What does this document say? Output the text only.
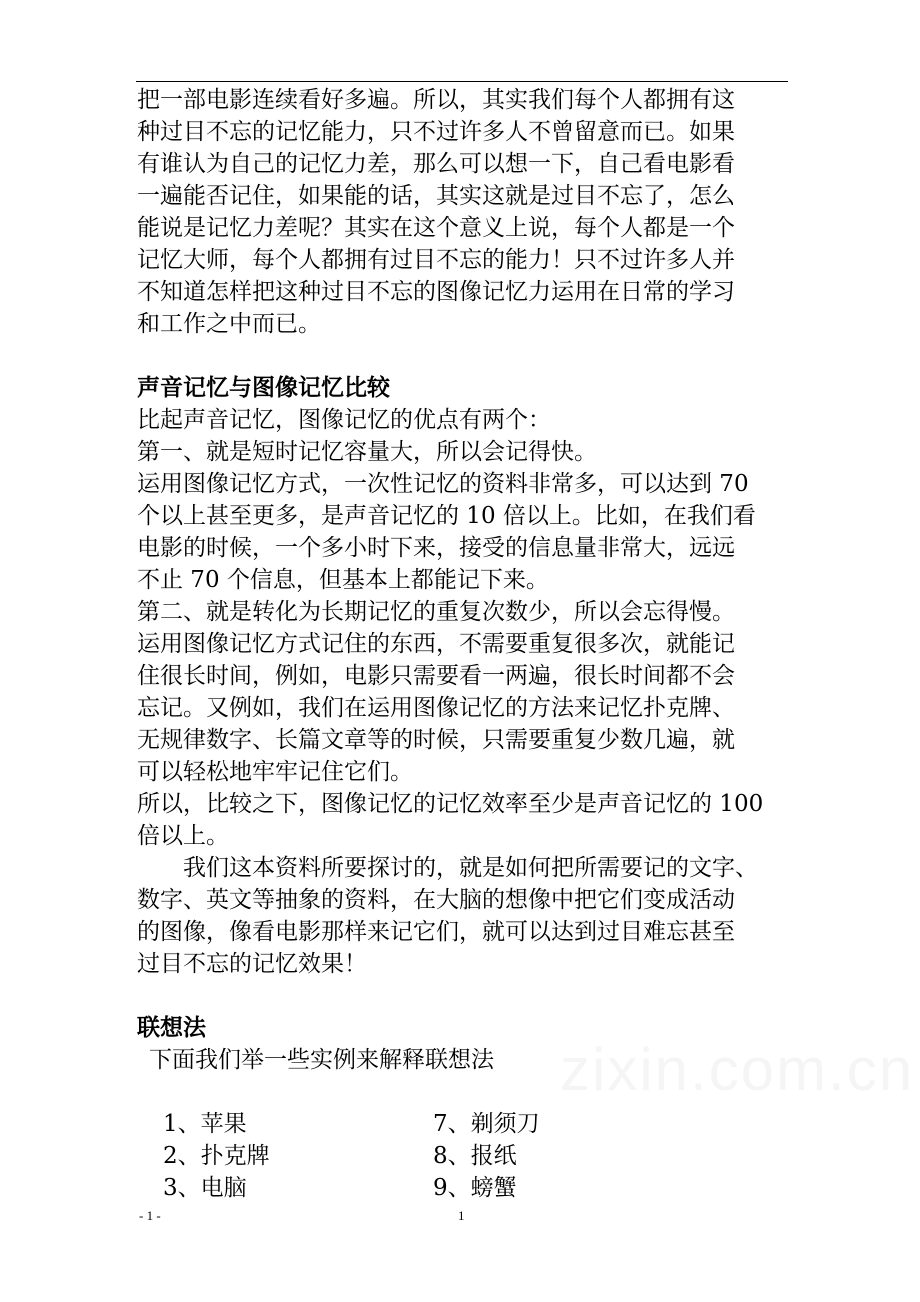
zixin.com.cn
把一部电影连续看好多遍。所以，其实我们每个人都拥有这
种过目不忘的记忆能力，只不过许多人不曾留意而已。如果
有谁认为自己的记忆力差，那么可以想一下，自己看电影看
一遍能否记住，如果能的话，其实这就是过目不忘了，怎么
能说是记忆力差呢？其实在这个意义上说，每个人都是一个
记忆大师，每个人都拥有过目不忘的能力！只不过许多人并
不知道怎样把这种过目不忘的图像记忆力运用在日常的学习
和工作之中而已。
声音记忆与图像记忆比较
比起声音记忆，图像记忆的优点有两个：
第一、就是短时记忆容量大，所以会记得快。
运用图像记忆方式，一次性记忆的资料非常多，可以达到 70
个以上甚至更多，是声音记忆的 10 倍以上。比如，在我们看
电影的时候，一个多小时下来，接受的信息量非常大，远远
不止 70 个信息，但基本上都能记下来。
第二、就是转化为长期记忆的重复次数少，所以会忘得慢。
运用图像记忆方式记住的东西，不需要重复很多次，就能记
住很长时间，例如，电影只需要看一两遍，很长时间都不会
忘记。又例如，我们在运用图像记忆的方法来记忆扑克牌、
无规律数字、长篇文章等的时候，只需要重复少数几遍，就
可以轻松地牢牢记住它们。
所以，比较之下，图像记忆的记忆效率至少是声音记忆的 100
倍以上。
我们这本资料所要探讨的，就是如何把所需要记的文字、
数字、英文等抽象的资料，在大脑的想像中把它们变成活动
的图像，像看电影那样来记它们，就可以达到过目难忘甚至
过目不忘的记忆效果！
联想法
下面我们举一些实例来解释联想法
1、苹果	7、剃须刀
2、扑克牌	8、报纸
3、电脑	9、螃蟹
- 1 -	1
